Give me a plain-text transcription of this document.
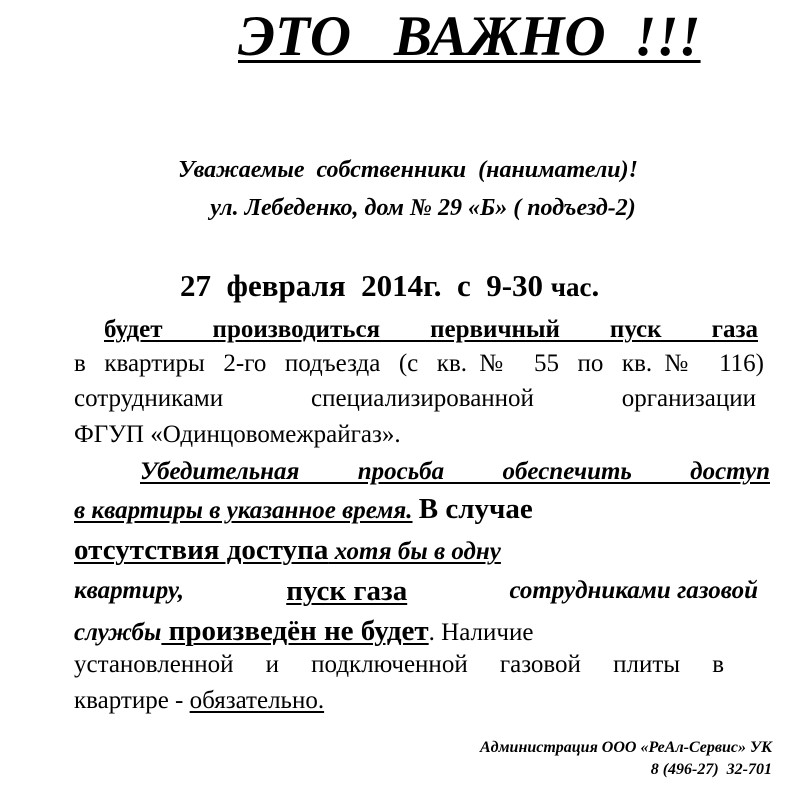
ЭТО   ВАЖНО  !!!
Уважаемые  собственники  (наниматели)!
ул. Лебеденко, дом № 29 «Б» ( подъезд-2)
27  февраля  2014г.  с  9-30 час.
будет производиться первичный пуск газа
в квартиры 2-го подъезда (с кв.№ 55 по кв.№ 116)
сотрудниками специализированной организации
ФГУП «Одинцовомежрайгаз».
Убедительная просьба обеспечить доступ
в квартиры в указанное время. В случае
отсутствия доступа хотя бы в одну
квартиру,	пуск газа	сотрудниками газовой
службы произведён не будет. Наличие
установленной и подключенной газовой плиты в
квартире - обязательно.
Администрация ООО «РеАл-Сервис» УК
8 (496-27)  32-701
